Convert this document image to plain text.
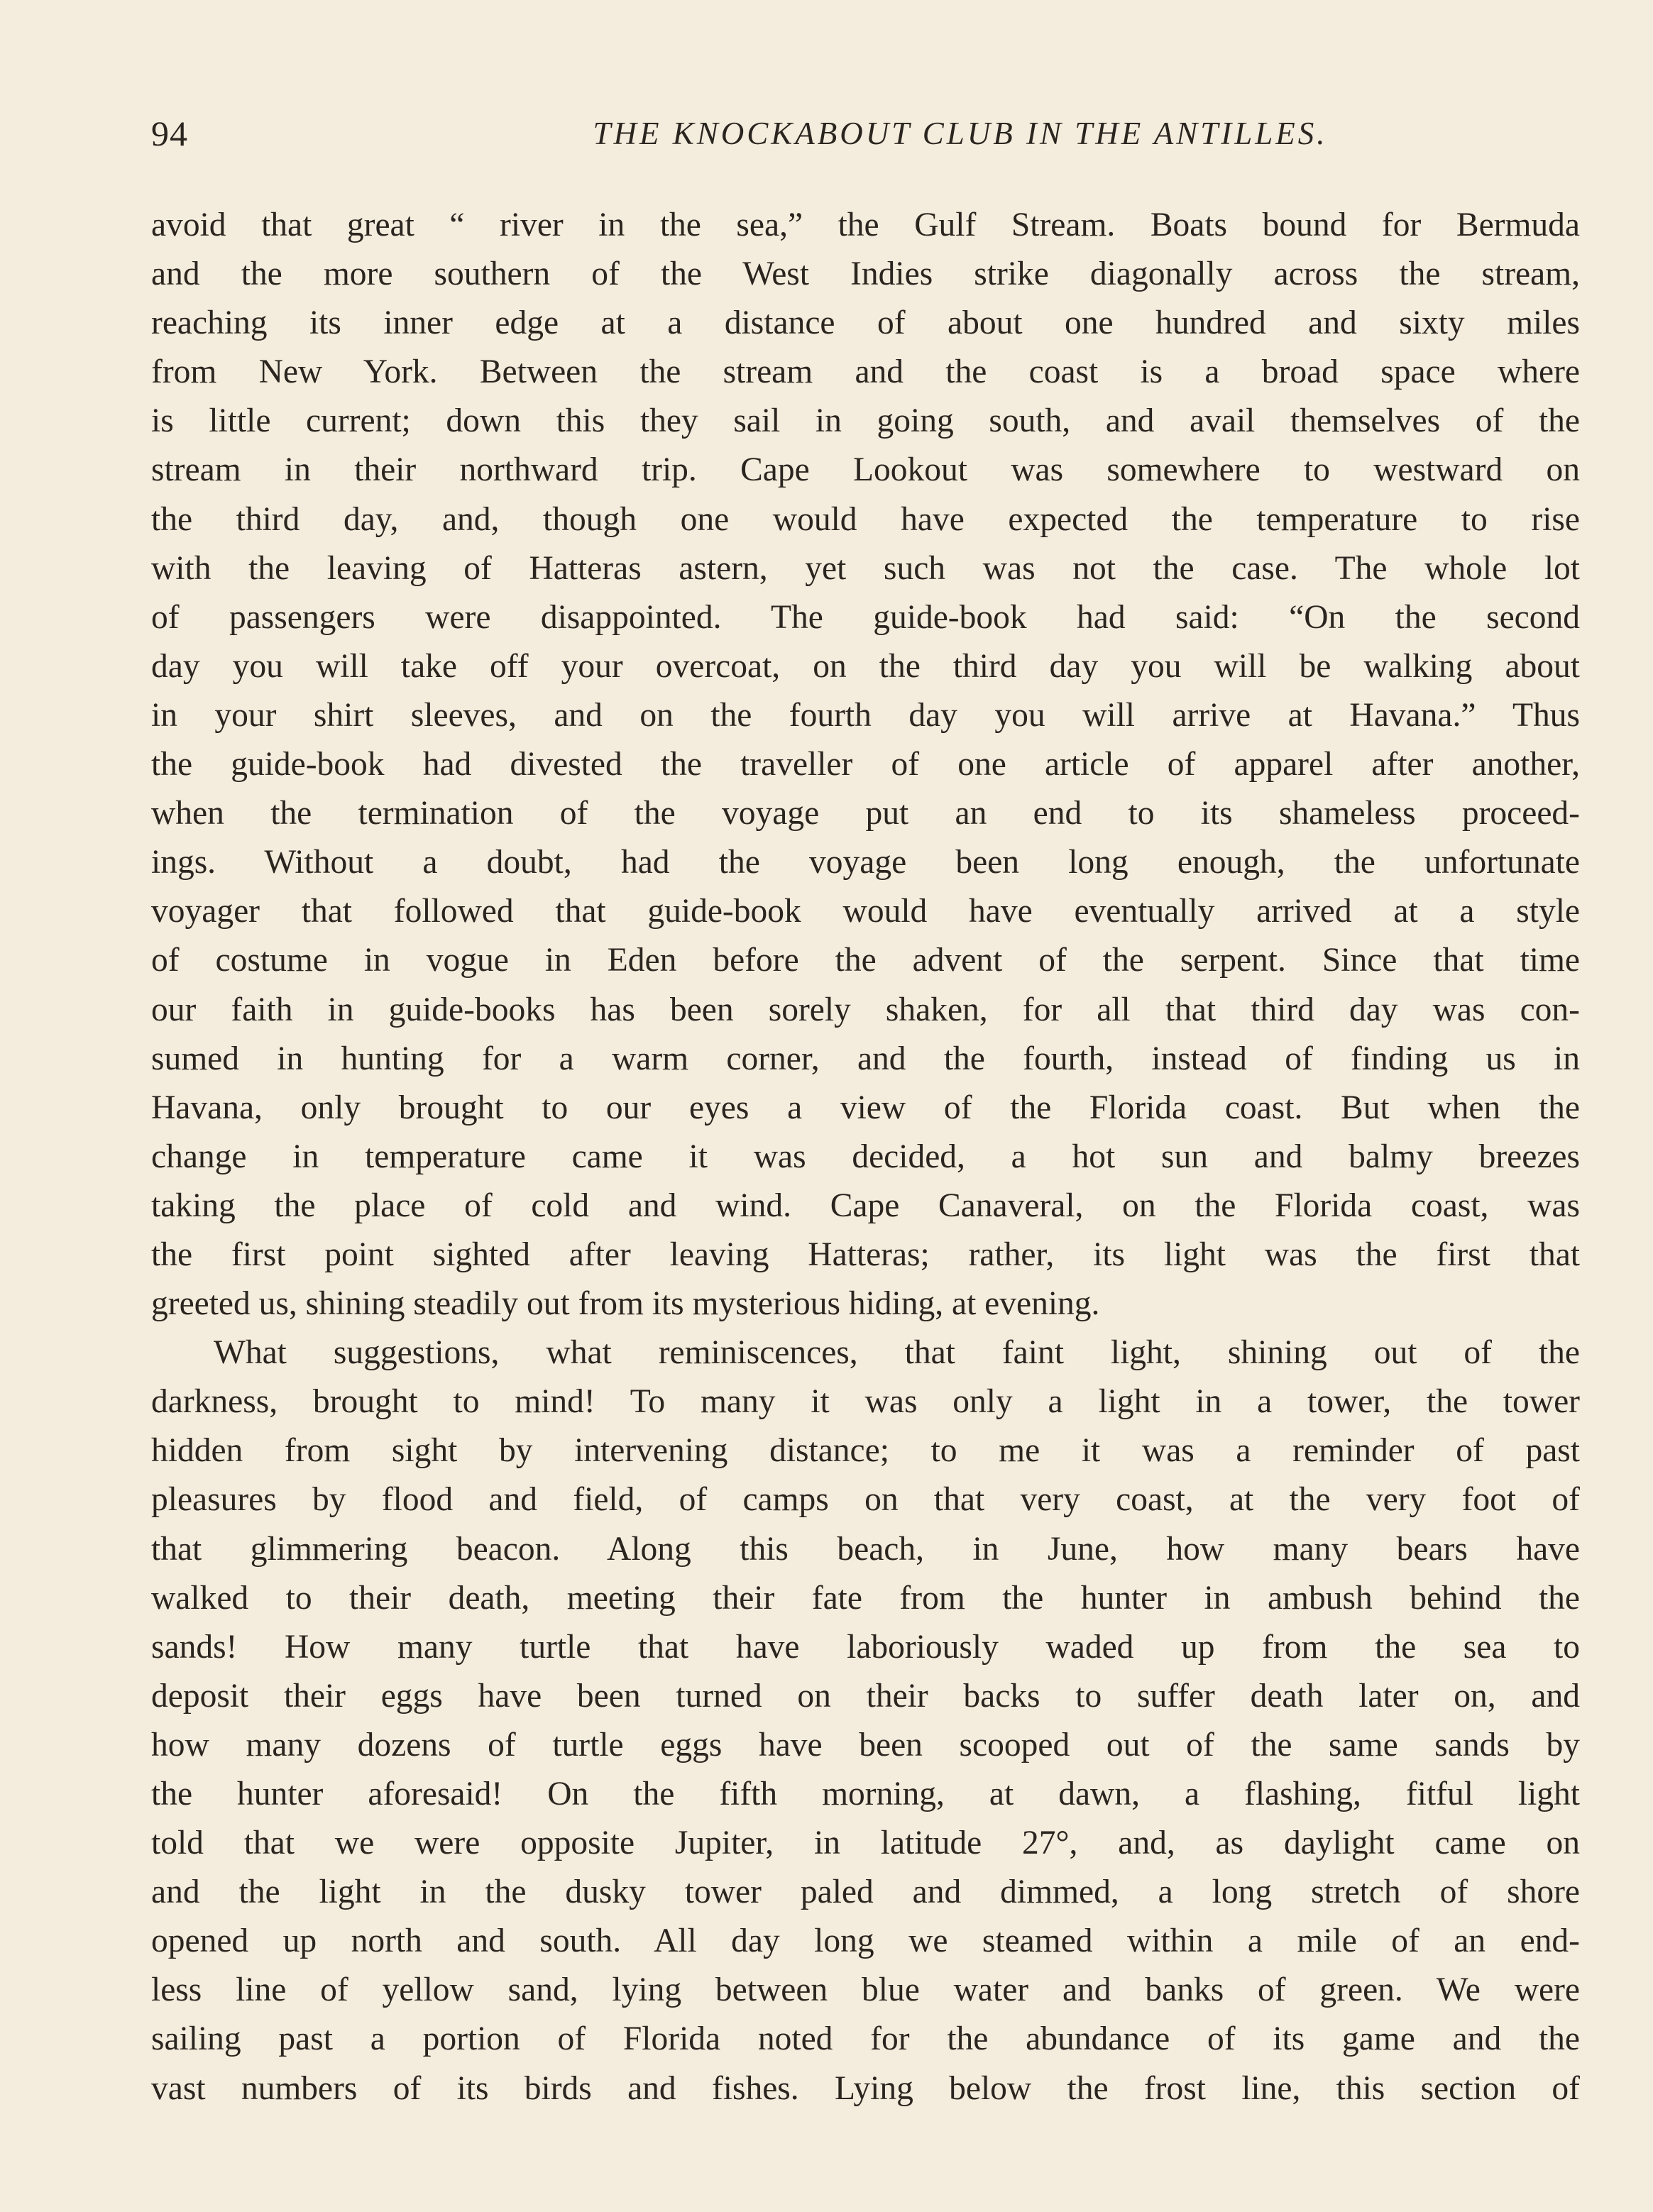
94	THE KNOCKABOUT CLUB IN THE ANTILLES.
avoid that great “ river in the sea,” the Gulf Stream. Boats bound for Bermuda
and the more southern of the West Indies strike diagonally across the stream,
reaching its inner edge at a distance of about one hundred and sixty miles
from New York. Between the stream and the coast is a broad space where
is little current; down this they sail in going south, and avail themselves of the
stream in their northward trip. Cape Lookout was somewhere to westward on
the third day, and, though one would have expected the temperature to rise
with the leaving of Hatteras astern, yet such was not the case. The whole lot
of passengers were disappointed. The guide-book had said: “On the second
day you will take off your overcoat, on the third day you will be walking about
in your shirt sleeves, and on the fourth day you will arrive at Havana.” Thus
the guide-book had divested the traveller of one article of apparel after another,
when the termination of the voyage put an end to its shameless proceed-
ings. Without a doubt, had the voyage been long enough, the unfortunate
voyager that followed that guide-book would have eventually arrived at a style
of costume in vogue in Eden before the advent of the serpent. Since that time
our faith in guide-books has been sorely shaken, for all that third day was con-
sumed in hunting for a warm corner, and the fourth, instead of finding us in
Havana, only brought to our eyes a view of the Florida coast. But when the
change in temperature came it was decided, a hot sun and balmy breezes
taking the place of cold and wind. Cape Canaveral, on the Florida coast, was
the first point sighted after leaving Hatteras; rather, its light was the first that
greeted us, shining steadily out from its mysterious hiding, at evening.
What suggestions, what reminiscences, that faint light, shining out of the
darkness, brought to mind! To many it was only a light in a tower, the tower
hidden from sight by intervening distance; to me it was a reminder of past
pleasures by flood and field, of camps on that very coast, at the very foot of
that glimmering beacon. Along this beach, in June, how many bears have
walked to their death, meeting their fate from the hunter in ambush behind the
sands! How many turtle that have laboriously waded up from the sea to
deposit their eggs have been turned on their backs to suffer death later on, and
how many dozens of turtle eggs have been scooped out of the same sands by
the hunter aforesaid! On the fifth morning, at dawn, a flashing, fitful light
told that we were opposite Jupiter, in latitude 27°, and, as daylight came on
and the light in the dusky tower paled and dimmed, a long stretch of shore
opened up north and south. All day long we steamed within a mile of an end-
less line of yellow sand, lying between blue water and banks of green. We were
sailing past a portion of Florida noted for the abundance of its game and the
vast numbers of its birds and fishes. Lying below the frost line, this section of
